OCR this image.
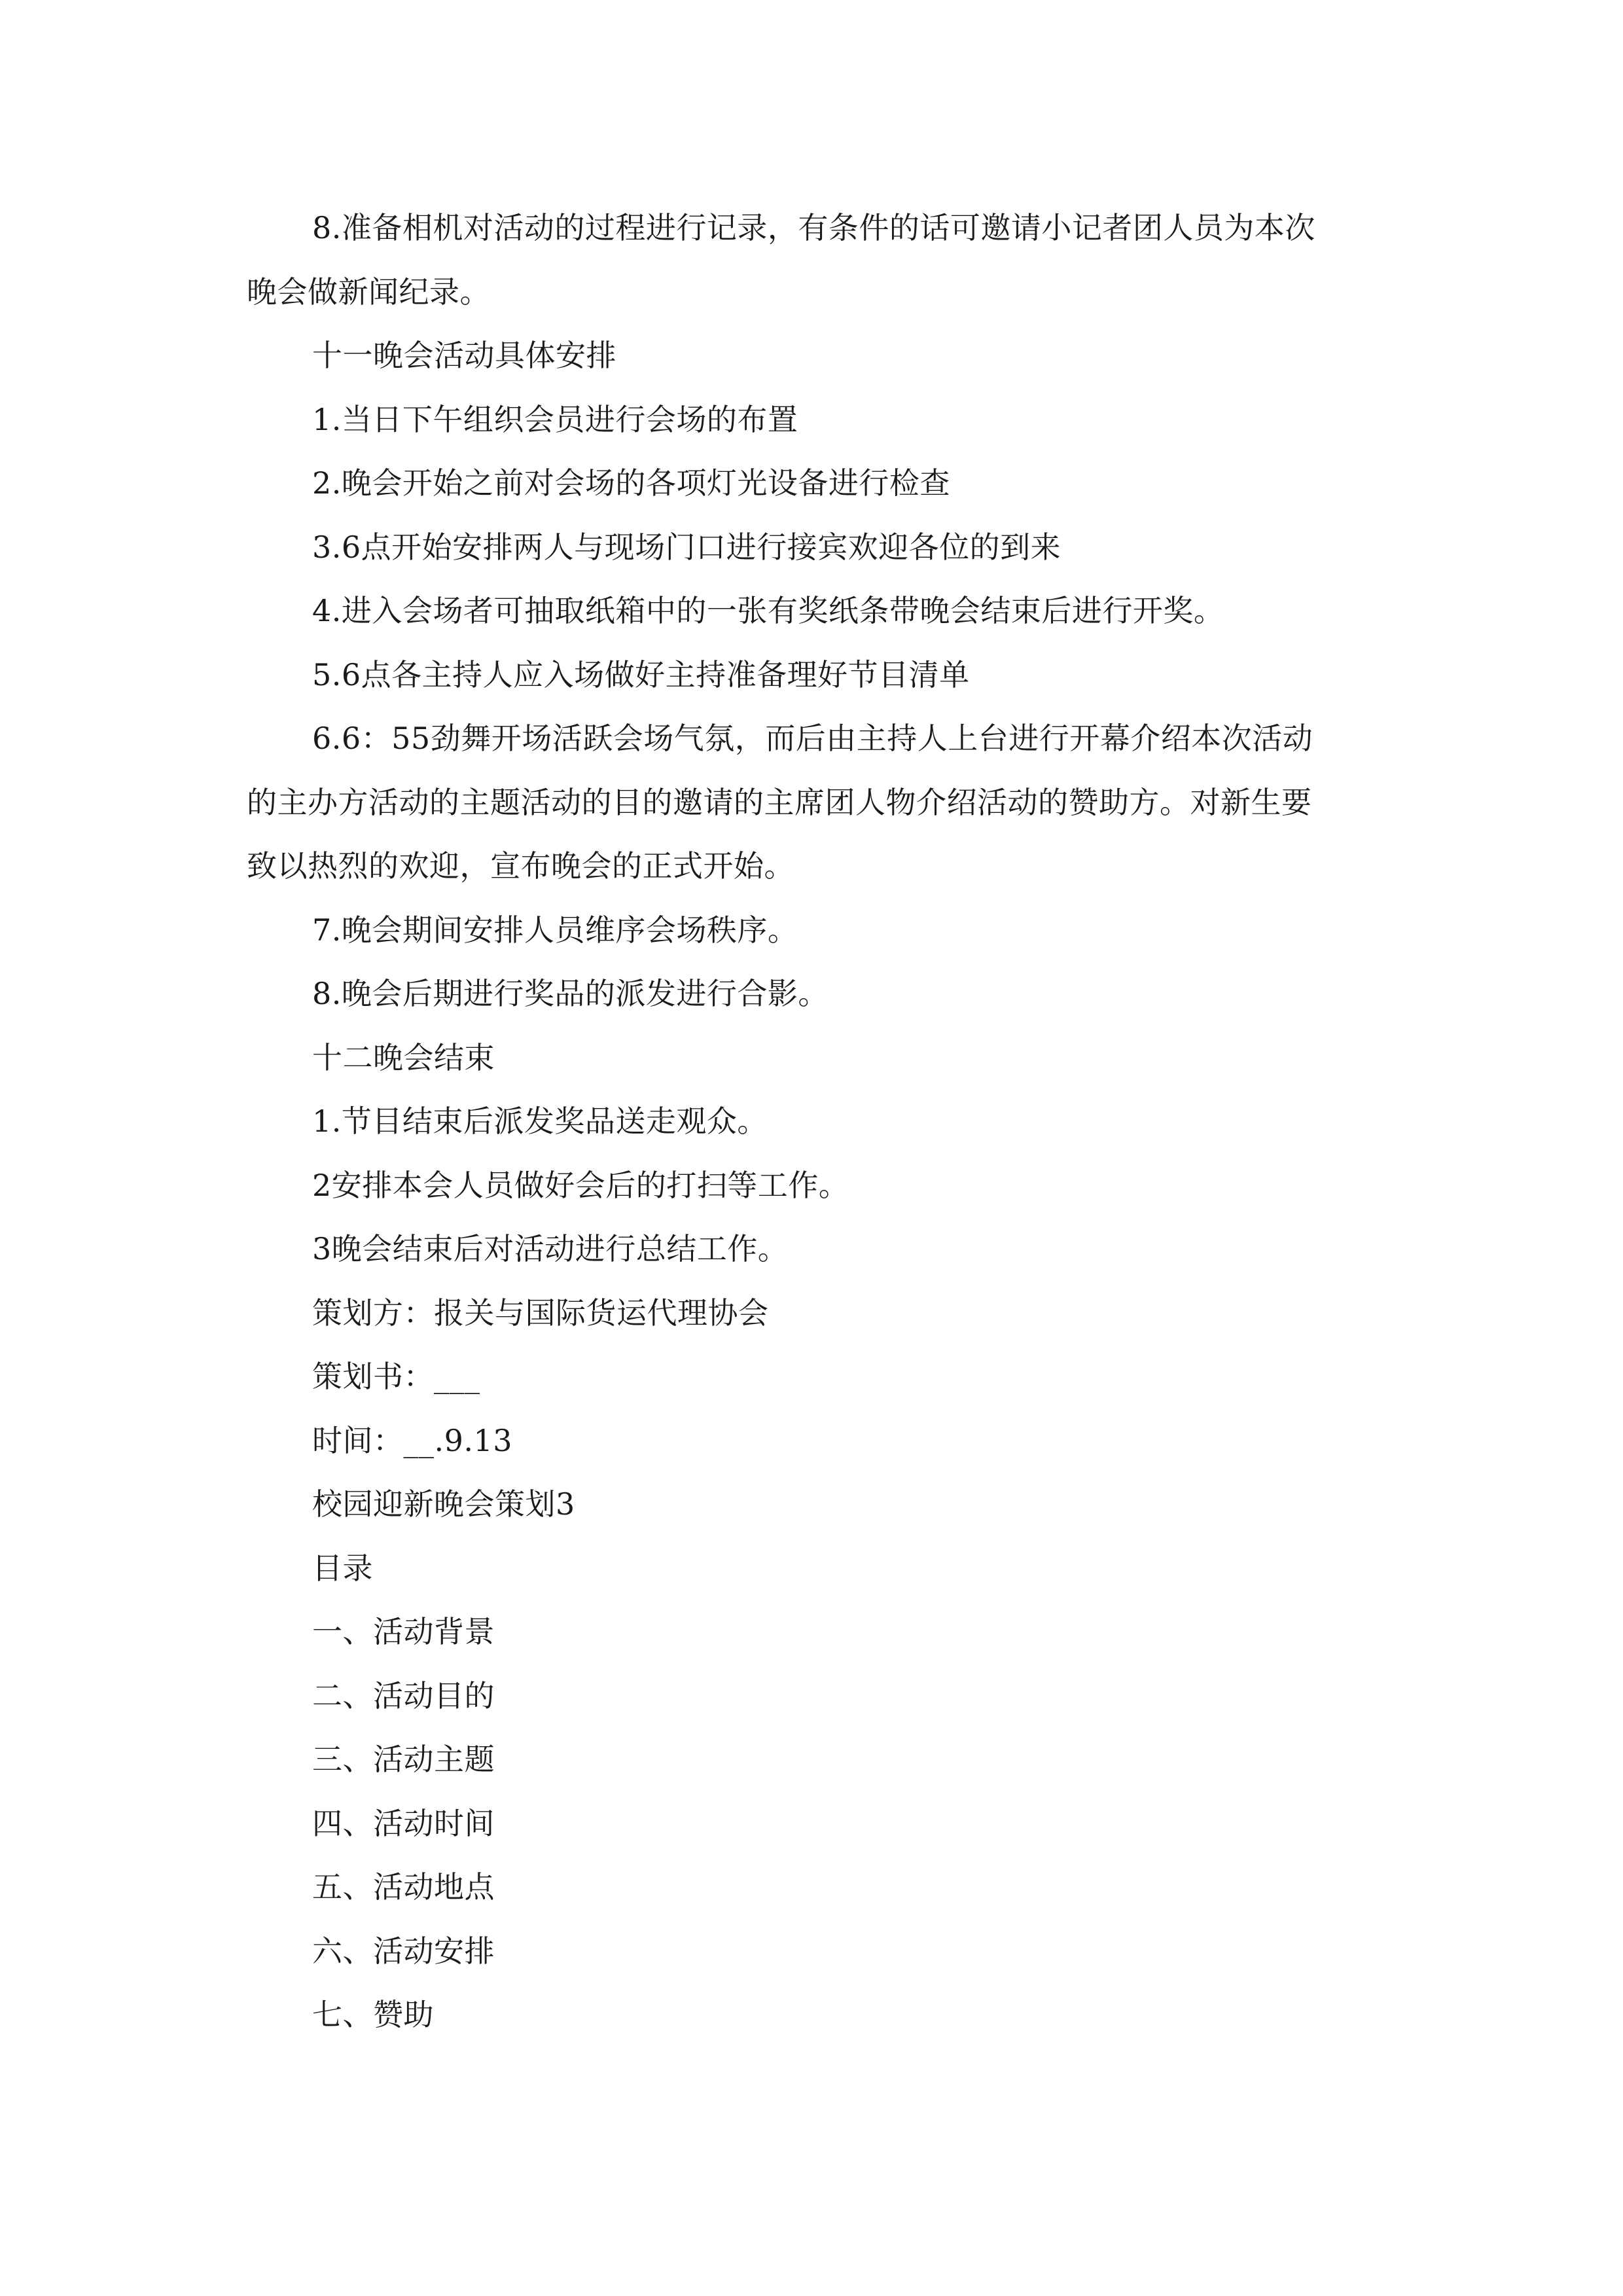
8.准备相机对活动的过程进行记录，有条件的话可邀请小记者团人员为本次
晚会做新闻纪录。
十一晚会活动具体安排
1.当日下午组织会员进行会场的布置
2.晚会开始之前对会场的各项灯光设备进行检查
3.6点开始安排两人与现场门口进行接宾欢迎各位的到来
4.进入会场者可抽取纸箱中的一张有奖纸条带晚会结束后进行开奖。
5.6点各主持人应入场做好主持准备理好节目清单
6.6：55劲舞开场活跃会场气氛，而后由主持人上台进行开幕介绍本次活动
的主办方活动的主题活动的目的邀请的主席团人物介绍活动的赞助方。对新生要
致以热烈的欢迎，宣布晚会的正式开始。
7.晚会期间安排人员维序会场秩序。
8.晚会后期进行奖品的派发进行合影。
十二晚会结束
1.节目结束后派发奖品送走观众。
2安排本会人员做好会后的打扫等工作。
3晚会结束后对活动进行总结工作。
策划方：报关与国际货运代理协会
策划书：___
时间：__.9.13
校园迎新晚会策划3
目录
一、活动背景
二、活动目的
三、活动主题
四、活动时间
五、活动地点
六、活动安排
七、赞助
